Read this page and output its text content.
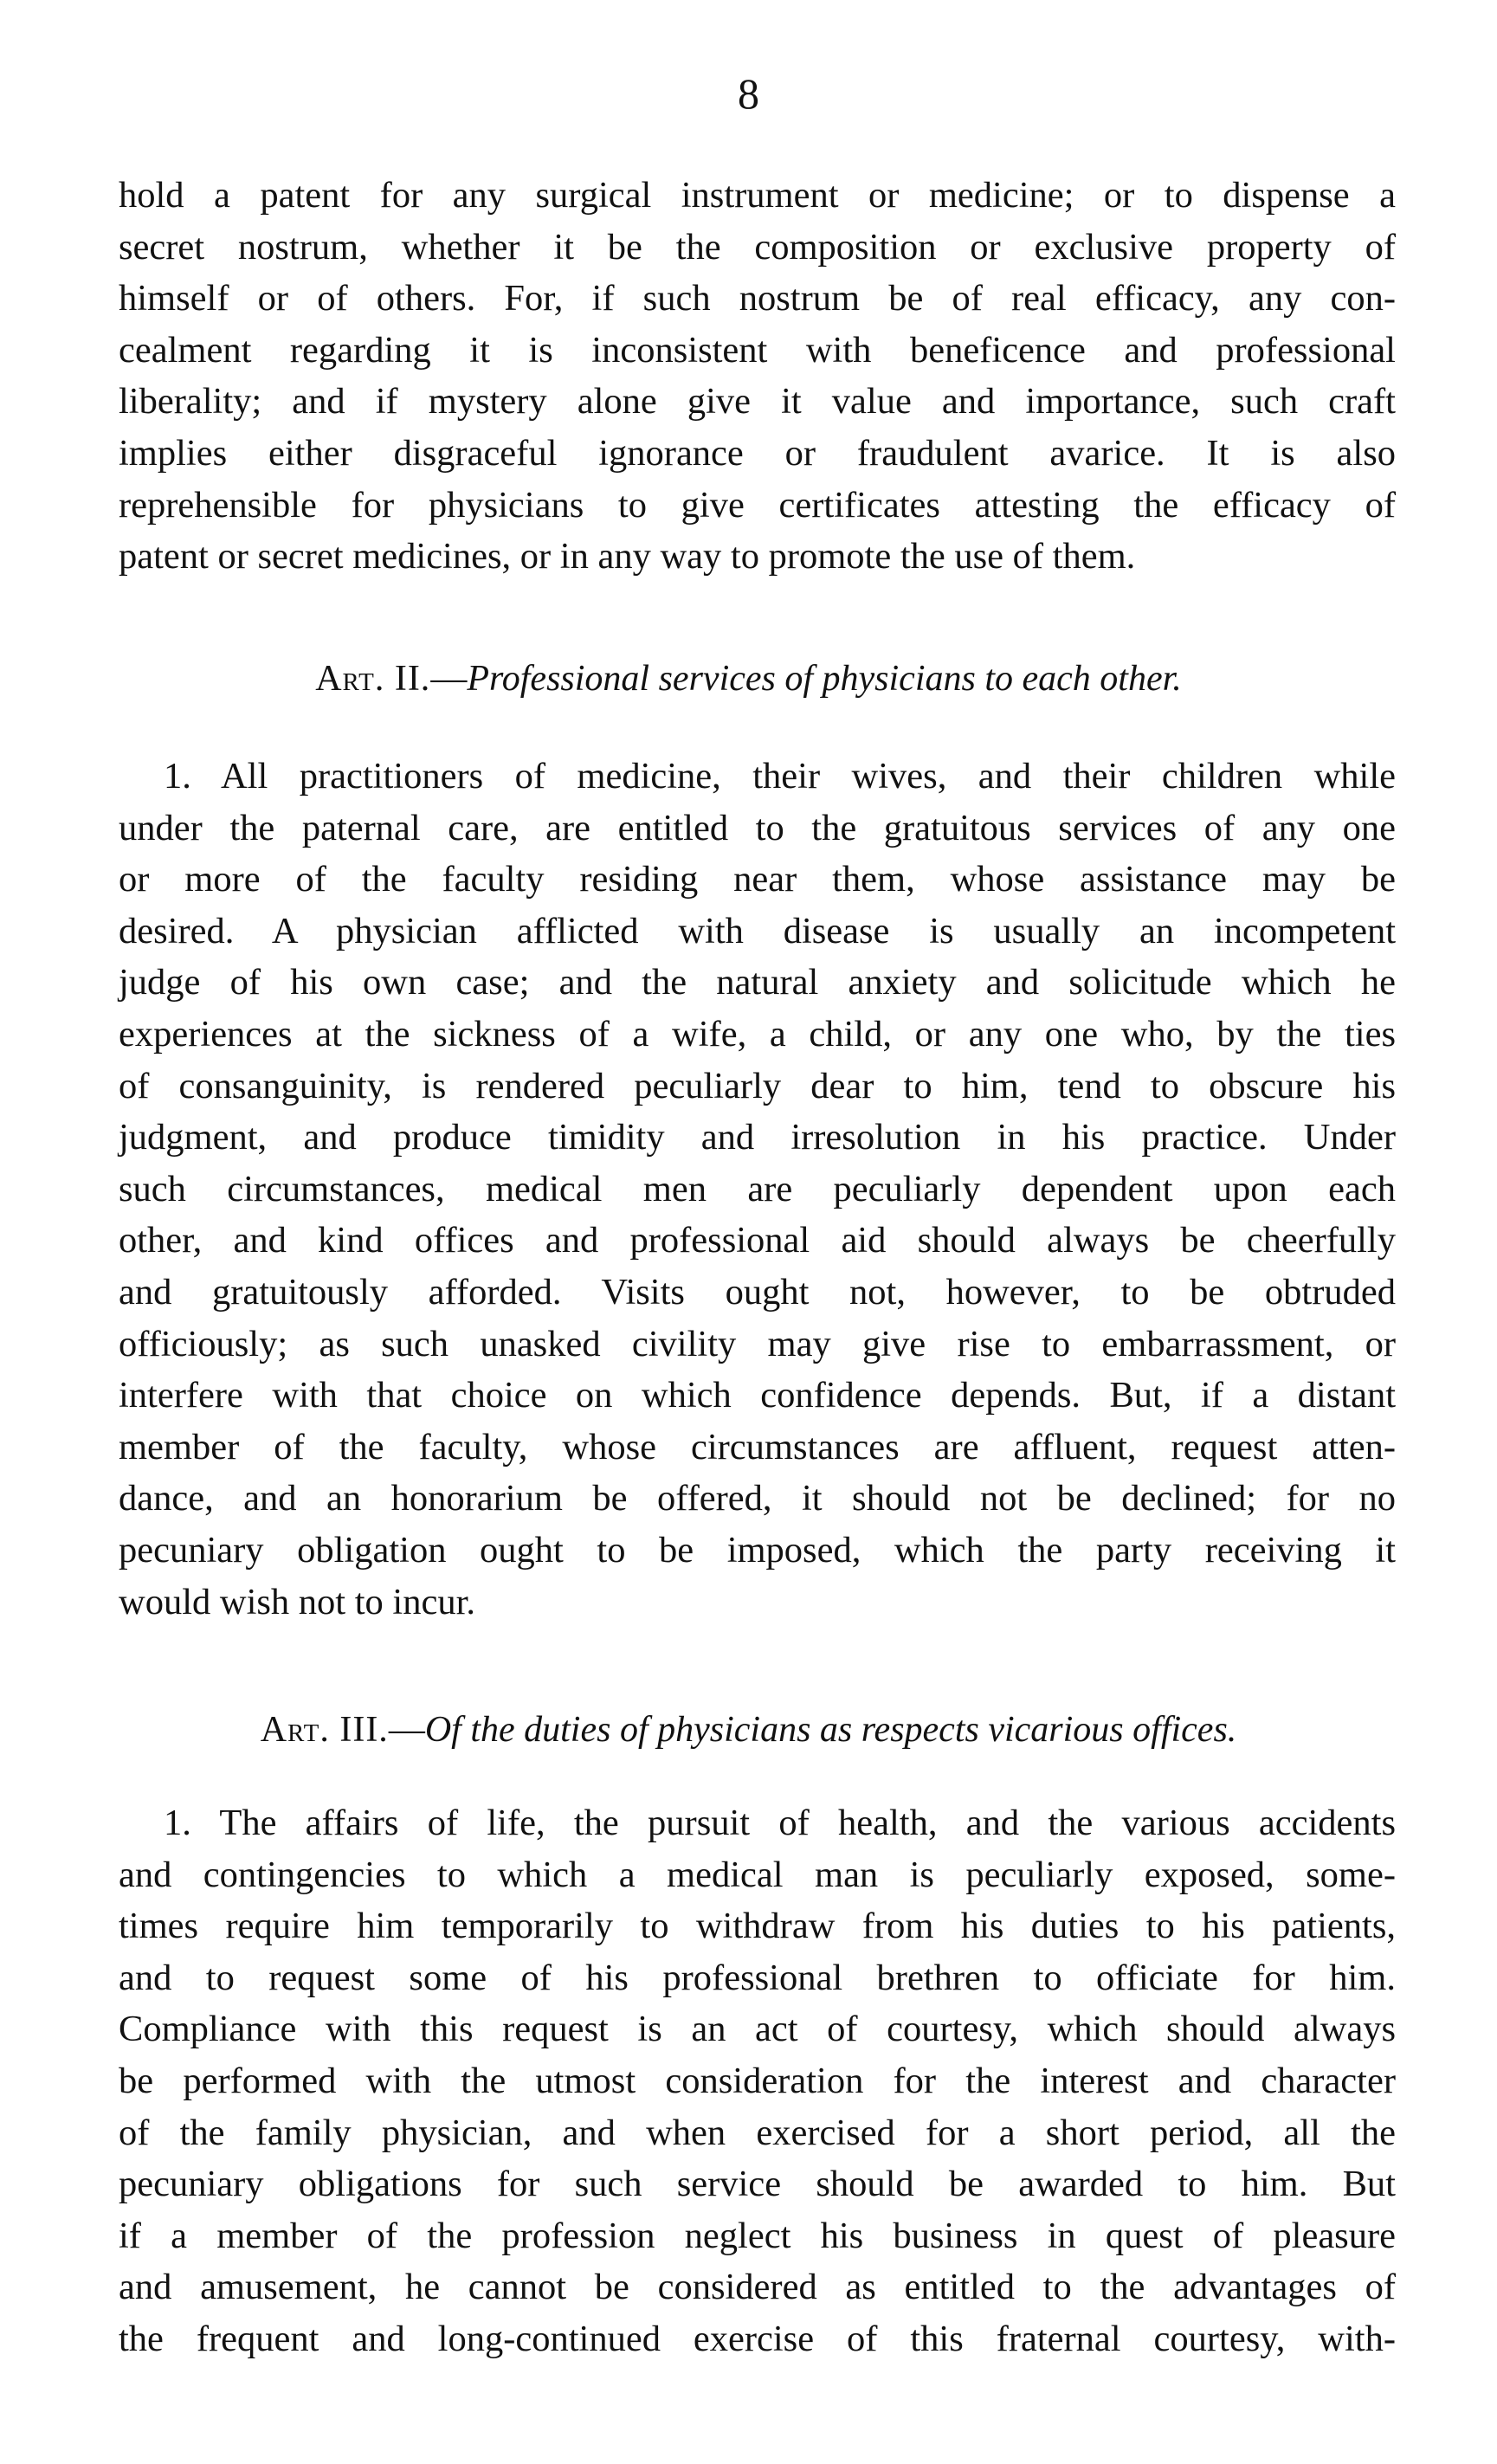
8
hold a patent for any surgical instrument or medicine; or to dispense a
secret nostrum, whether it be the composition or exclusive property of
himself or of others. For, if such nostrum be of real efficacy, any con-
cealment regarding it is inconsistent with beneficence and professional
liberality; and if mystery alone give it value and importance, such craft
implies either disgraceful ignorance or fraudulent avarice. It is also
reprehensible for physicians to give certificates attesting the efficacy of
patent or secret medicines, or in any way to promote the use of them.
Art. II.—Professional services of physicians to each other.
1. All practitioners of medicine, their wives, and their children while
under the paternal care, are entitled to the gratuitous services of any one
or more of the faculty residing near them, whose assistance may be
desired. A physician afflicted with disease is usually an incompetent
judge of his own case; and the natural anxiety and solicitude which he
experiences at the sickness of a wife, a child, or any one who, by the ties
of consanguinity, is rendered peculiarly dear to him, tend to obscure his
judgment, and produce timidity and irresolution in his practice. Under
such circumstances, medical men are peculiarly dependent upon each
other, and kind offices and professional aid should always be cheerfully
and gratuitously afforded. Visits ought not, however, to be obtruded
officiously; as such unasked civility may give rise to embarrassment, or
interfere with that choice on which confidence depends. But, if a distant
member of the faculty, whose circumstances are affluent, request atten-
dance, and an honorarium be offered, it should not be declined; for no
pecuniary obligation ought to be imposed, which the party receiving it
would wish not to incur.
Art. III.—Of the duties of physicians as respects vicarious offices.
1. The affairs of life, the pursuit of health, and the various accidents
and contingencies to which a medical man is peculiarly exposed, some-
times require him temporarily to withdraw from his duties to his patients,
and to request some of his professional brethren to officiate for him.
Compliance with this request is an act of courtesy, which should always
be performed with the utmost consideration for the interest and character
of the family physician, and when exercised for a short period, all the
pecuniary obligations for such service should be awarded to him. But
if a member of the profession neglect his business in quest of pleasure
and amusement, he cannot be considered as entitled to the advantages of
the frequent and long-continued exercise of this fraternal courtesy, with-
